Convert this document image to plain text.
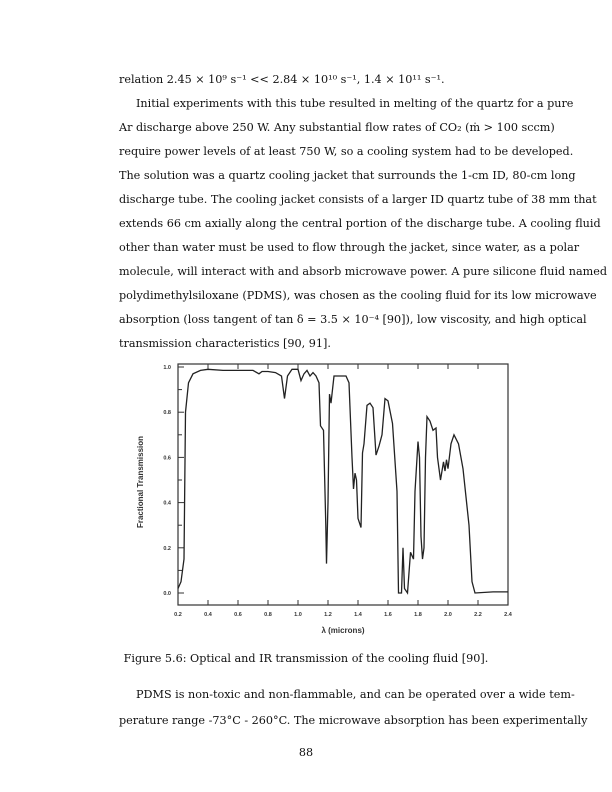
relation 2.45 × 10⁹ s⁻¹ << 2.84 × 10¹⁰ s⁻¹, 1.4 × 10¹¹ s⁻¹.
Initial experiments with this tube resulted in melting of the quartz for a pure
Ar discharge above 250 W. Any substantial flow rates of CO₂ (ṁ > 100 sccm)
require power levels of at least 750 W, so a cooling system had to be developed.
The solution was a quartz cooling jacket that surrounds the 1-cm ID, 80-cm long
discharge tube. The cooling jacket consists of a larger ID quartz tube of 38 mm that
extends 66 cm axially along the central portion of the discharge tube. A cooling fluid
other than water must be used to flow through the jacket, since water, as a polar
molecule, will interact with and absorb microwave power. A pure silicone fluid named
polydimethylsiloxane (PDMS), was chosen as the cooling fluid for its low microwave
absorption (loss tangent of tan δ = 3.5 × 10⁻⁴ [90]), low viscosity, and high optical
transmission characteristics [90, 91].
0.2	0.4	0.6	0.8	1.0	1.2	1.4	1.6	1.8	2.0	2.2	2.4
0.0
0.2
0.4
0.6
0.8
1.0
λ (microns)
Fractional Transmission
Figure 5.6: Optical and IR transmission of the cooling fluid [90].
PDMS is non-toxic and non-flammable, and can be operated over a wide tem-
perature range -73°C - 260°C. The microwave absorption has been experimentally
88
